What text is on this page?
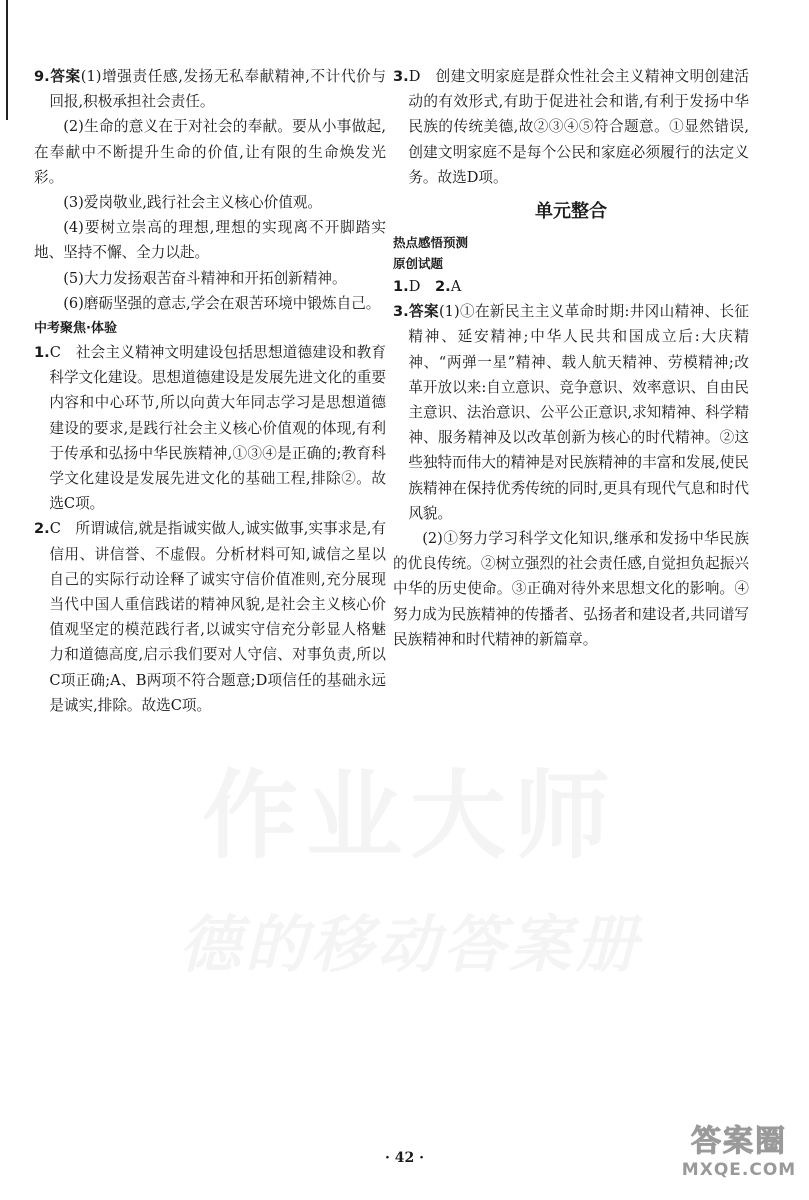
9.答案(1)增强责任感,发扬无私奉献精神,不计代价与回报,积极承担社会责任。

(2)生命的意义在于对社会的奉献。要从小事做起,在奉献中不断提升生命的价值,让有限的生命焕发光彩。

(3)爱岗敬业,践行社会主义核心价值观。

(4)要树立崇高的理想,理想的实现离不开脚踏实地、坚持不懈、全力以赴。

(5)大力发扬艰苦奋斗精神和开拓创新精神。

(6)磨砺坚强的意志,学会在艰苦环境中锻炼自己。

中考聚焦·体验

1.C　社会主义精神文明建设包括思想道德建设和教育科学文化建设。思想道德建设是发展先进文化的重要内容和中心环节,所以向黄大年同志学习是思想道德建设的要求,是践行社会主义核心价值观的体现,有利于传承和弘扬中华民族精神,①③④是正确的;教育科学文化建设是发展先进文化的基础工程,排除②。故选C项。

2.C　所谓诚信,就是指诚实做人,诚实做事,实事求是,有信用、讲信誉、不虚假。分析材料可知,诚信之星以自己的实际行动诠释了诚实守信价值准则,充分展现当代中国人重信践诺的精神风貌,是社会主义核心价值观坚定的模范践行者,以诚实守信充分彰显人格魅力和道德高度,启示我们要对人守信、对事负责,所以C项正确;A、B两项不符合题意;D项信任的基础永远是诚实,排除。故选C项。

3.D　创建文明家庭是群众性社会主义精神文明创建活动的有效形式,有助于促进社会和谐,有利于发扬中华民族的传统美德,故②③④⑤符合题意。①显然错误,创建文明家庭不是每个公民和家庭必须履行的法定义务。故选D项。

单元整合
热点感悟预测
原创试题

1.D　 2.A

3.答案(1)①在新民主主义革命时期:井冈山精神、长征精神、延安精神;中华人民共和国成立后:大庆精神、“两弹一星”精神、载人航天精神、劳模精神;改革开放以来:自立意识、竞争意识、效率意识、自由民主意识、法治意识、公平公正意识,求知精神、科学精神、服务精神及以改革创新为核心的时代精神。②这些独特而伟大的精神是对民族精神的丰富和发展,使民族精神在保持优秀传统的同时,更具有现代气息和时代风貌。

(2)①努力学习科学文化知识,继承和发扬中华民族的优良传统。②树立强烈的社会责任感,自觉担负起振兴中华的历史使命。③正确对待外来思想文化的影响。④努力成为民族精神的传播者、弘扬者和建设者,共同谱写民族精神和时代精神的新篇章。

· 42 ·	答案圈
MXQE.COM
